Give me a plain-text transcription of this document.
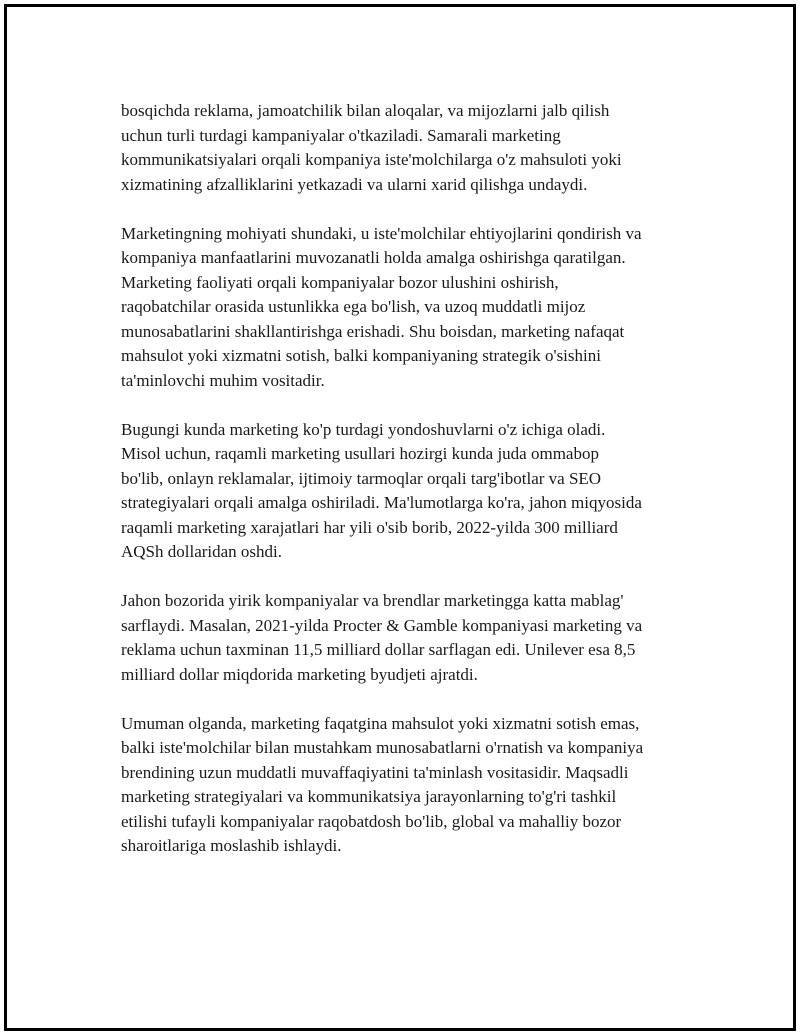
bosqichda reklama, jamoatchilik bilan aloqalar, va mijozlarni jalb qilish
uchun turli turdagi kampaniyalar o'tkaziladi. Samarali marketing
kommunikatsiyalari orqali kompaniya iste'molchilarga o'z mahsuloti yoki
xizmatining afzalliklarini yetkazadi va ularni xarid qilishga undaydi.

Marketingning mohiyati shundaki, u iste'molchilar ehtiyojlarini qondirish va
kompaniya manfaatlarini muvozanatli holda amalga oshirishga qaratilgan.
Marketing faoliyati orqali kompaniyalar bozor ulushini oshirish,
raqobatchilar orasida ustunlikka ega bo'lish, va uzoq muddatli mijoz
munosabatlarini shakllantirishga erishadi. Shu boisdan, marketing nafaqat
mahsulot yoki xizmatni sotish, balki kompaniyaning strategik o'sishini
ta'minlovchi muhim vositadir.

Bugungi kunda marketing ko'p turdagi yondoshuvlarni o'z ichiga oladi.
Misol uchun, raqamli marketing usullari hozirgi kunda juda ommabop
bo'lib, onlayn reklamalar, ijtimoiy tarmoqlar orqali targ'ibotlar va SEO
strategiyalari orqali amalga oshiriladi. Ma'lumotlarga ko'ra, jahon miqyosida
raqamli marketing xarajatlari har yili o'sib borib, 2022-yilda 300 milliard
AQSh dollaridan oshdi.

Jahon bozorida yirik kompaniyalar va brendlar marketingga katta mablag'
sarflaydi. Masalan, 2021-yilda Procter & Gamble kompaniyasi marketing va
reklama uchun taxminan 11,5 milliard dollar sarflagan edi. Unilever esa 8,5
milliard dollar miqdorida marketing byudjeti ajratdi.

Umuman olganda, marketing faqatgina mahsulot yoki xizmatni sotish emas,
balki iste'molchilar bilan mustahkam munosabatlarni o'rnatish va kompaniya
brendining uzun muddatli muvaffaqiyatini ta'minlash vositasidir. Maqsadli
marketing strategiyalari va kommunikatsiya jarayonlarning to'g'ri tashkil
etilishi tufayli kompaniyalar raqobatdosh bo'lib, global va mahalliy bozor
sharoitlariga moslashib ishlaydi.
